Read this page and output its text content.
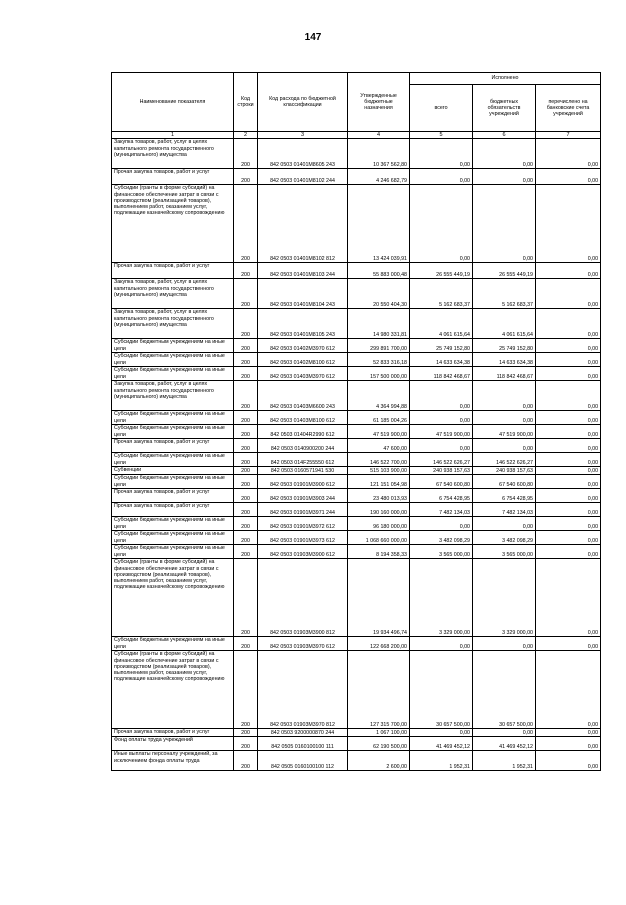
147
Наименование показателя	Код строки	Код расхода по бюджетной классификации	Утвержденные бюджетные назначения	Исполнено		
				всего	бюджетных обязательств учреждений	перечислено на банковские счета учреждений
1	2	3	4	5	6	7
Закупка товаров, работ, услуг в целях капитального ремонта государственного (муниципального) имущества	200	842 0503 01401М8605 243	10 367 562,80	0,00	0,00	0,00
Прочая закупка товаров, работ и услуг	200	842 0503 01401М8102 244	4 246 682,79	0,00	0,00	0,00
Субсидии (гранты в форме субсидий) на финансовое обеспечение затрат в связи с производством (реализацией товаров), выполнением работ, оказанием услуг, подлежащие казначейскому сопровождению	200	842 0503 01401М8102 812	13 424 039,91	0,00	0,00	0,00
Прочая закупка товаров, работ и услуг	200	842 0503 01401М8103 244	55 883 000,48	26 555 449,19	26 555 449,19	0,00
Закупка товаров, работ, услуг в целях капитального ремонта государственного (муниципального) имущества	200	842 0503 01401М8104 243	20 550 404,30	5 162 683,37	5 162 683,37	0,00
Закупка товаров, работ, услуг в целях капитального ремонта государственного (муниципального) имущества	200	842 0503 01401М8105 243	14 980 331,81	4 061 615,64	4 061 615,64	0,00
Субсидии бюджетным учреждениям на иные цели	200	842 0503 01402М3970 612	299 891 700,00	25 749 152,80	25 749 152,80	0,00
Субсидии бюджетным учреждениям на иные цели	200	842 0503 01402М8100 612	52 833 316,18	14 633 634,38	14 633 634,38	0,00
Субсидии бюджетным учреждениям на иные цели	200	842 0503 01403М3970 612	157 500 000,00	118 842 468,67	118 842 468,67	0,00
Закупка товаров, работ, услуг в целях капитального ремонта государственного (муниципального) имущества	200	842 0503 01403М6600 243	4 364 994,88	0,00	0,00	0,00
Субсидии бюджетным учреждениям на иные цели	200	842 0503 01403М8100 612	61 185 004,26	0,00	0,00	0,00
Субсидии бюджетным учреждениям на иные цели	200	842 0503 01404R2990 612	47 519 900,00	47 519 900,00	47 519 900,00	0,00
Прочая закупка товаров, работ и услуг	200	842 0503 0140900200 244	47 600,00	0,00	0,00	0,00
Субсидии бюджетным учреждениям на иные цели	200	842 0503 014F255550 612	146 522 700,00	146 522 626,27	146 522 626,27	0,00
Субвенции	200	842 0503 0160571941 530	515 103 900,00	240 938 157,63	240 938 157,63	0,00
Субсидии бюджетным учреждениям на иные цели	200	842 0503 01901М3900 612	121 151 054,98	67 540 600,80	67 540 600,80	0,00
Прочая закупка товаров, работ и услуг	200	842 0503 01901М3903 244	23 480 013,93	6 754 428,95	6 754 428,95	0,00
Прочая закупка товаров, работ и услуг	200	842 0503 01901М3971 244	190 160 000,00	7 482 134,03	7 482 134,03	0,00
Субсидии бюджетным учреждениям на иные цели	200	842 0503 01901М3972 612	96 180 000,00	0,00	0,00	0,00
Субсидии бюджетным учреждениям на иные цели	200	842 0503 01901М3973 612	1 068 660 000,00	3 482 098,29	3 482 098,29	0,00
Субсидии бюджетным учреждениям на иные цели	200	842 0503 01903М3900 612	8 194 358,33	3 565 000,00	3 565 000,00	0,00
Субсидии (гранты в форме субсидий) на финансовое обеспечение затрат в связи с производством (реализацией товаров), выполнением работ, оказанием услуг, подлежащие казначейскому сопровождению	200	842 0503 01903М3900 812	19 934 496,74	3 329 000,00	3 329 000,00	0,00
Субсидии бюджетным учреждениям на иные цели	200	842 0503 01903М3970 612	122 668 200,00	0,00	0,00	0,00
Субсидии (гранты в форме субсидий) на финансовое обеспечение затрат в связи с производством (реализацией товаров), выполнением работ, оказанием услуг, подлежащие казначейскому сопровождению	200	842 0503 01903М3970 812	127 315 700,00	30 657 500,00	30 657 500,00	0,00
Прочая закупка товаров, работ и услуг	200	842 0503 9200000870 244	1 067 100,00	0,00	0,00	0,00
Фонд оплаты труда учреждений	200	842 0505 0160100100 111	62 190 500,00	41 469 452,12	41 469 452,12	0,00
Иные выплаты персоналу учреждений, за исключением фонда оплаты труда	200	842 0505 0160100100 112	2 600,00	1 952,31	1 952,31	0,00
